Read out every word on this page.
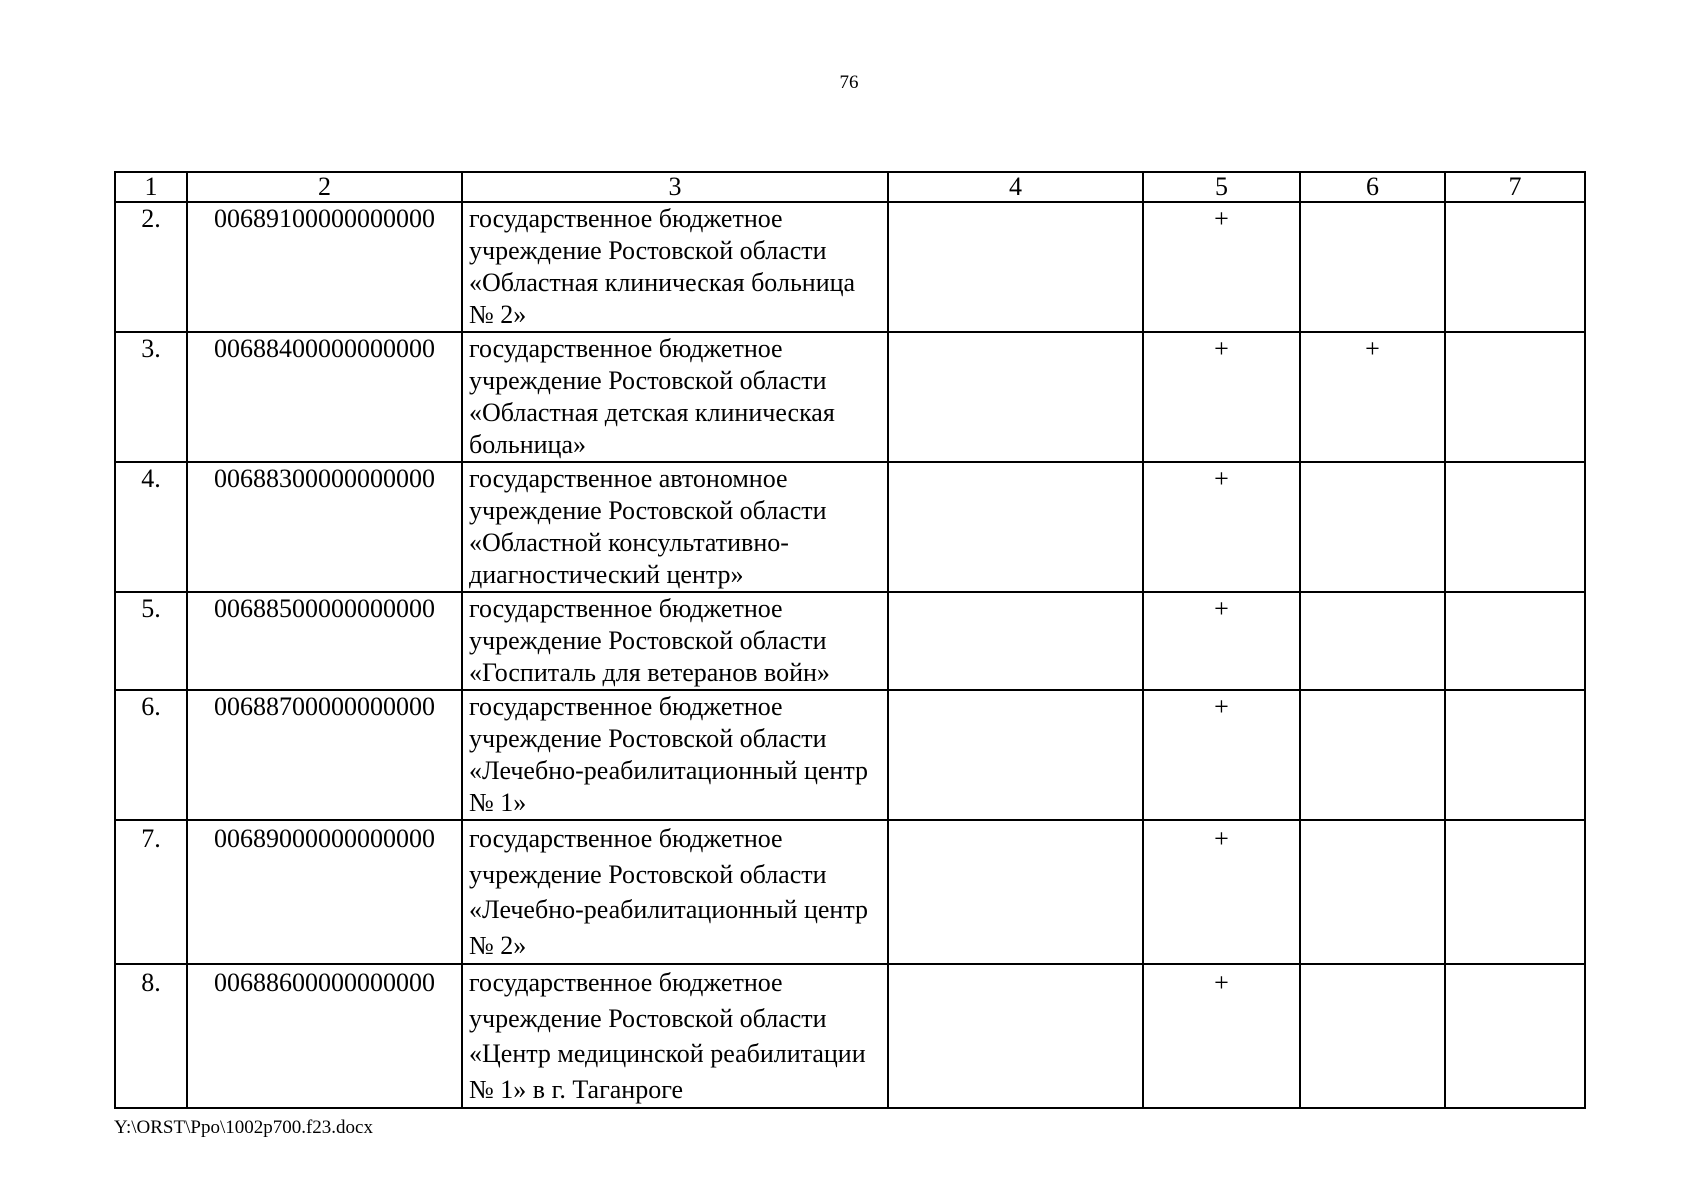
76
1	2	3	4	5	6	7
2.	00689100000000000	государственное бюджетное учреждение Ростовской области «Областная клиническая больница № 2»		+		
3.	00688400000000000	государственное бюджетное учреждение Ростовской области «Областная детская клиническая больница»		+	+	
4.	00688300000000000	государственное автономное учреждение Ростовской области «Областной консультативно-диагностический центр»		+		
5.	00688500000000000	государственное бюджетное учреждение Ростовской области «Госпиталь для ветеранов войн»		+		
6.	00688700000000000	государственное бюджетное учреждение Ростовской области «Лечебно-реабилитационный центр № 1»		+		
7.	00689000000000000	государственное бюджетное учреждение Ростовской области «Лечебно-реабилитационный центр № 2»		+		
8.	00688600000000000	государственное бюджетное учреждение Ростовской области «Центр медицинской реабилитации № 1» в г. Таганроге		+		
Y:\ORST\Ppo\1002p700.f23.docx
